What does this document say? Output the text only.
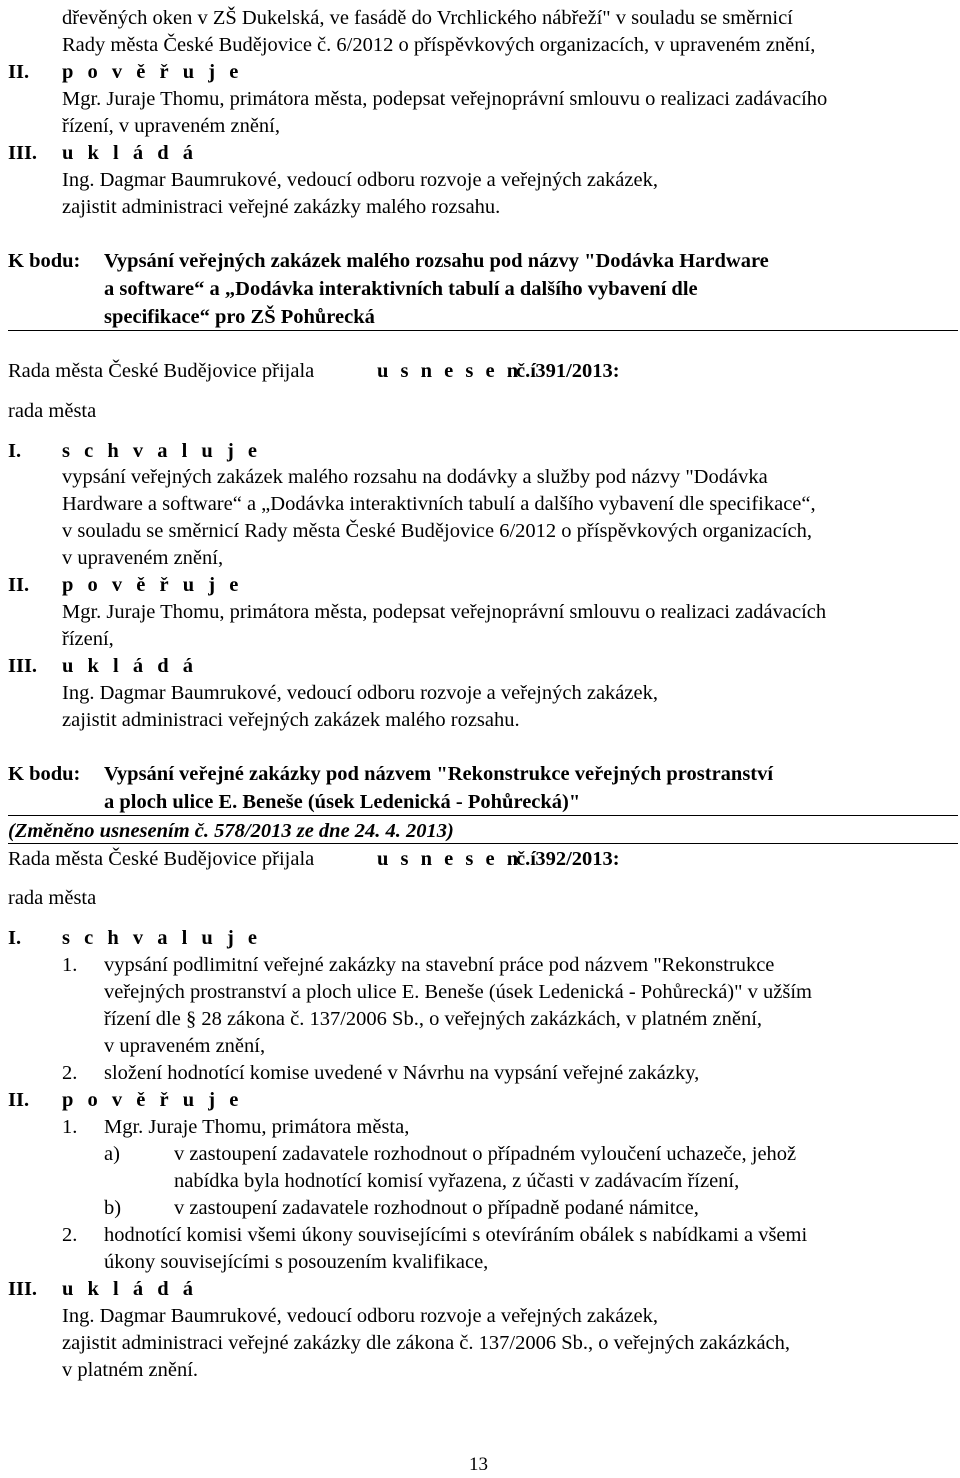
dřevěných oken v ZŠ Dukelská, ve fasádě do Vrchlického nábřeží" v souladu se směrnicí
Rady města České Budějovice č. 6/2012 o příspěvkových organizacích, v upraveném znění,
II. p o v ě ř u j e
Mgr. Juraje Thomu, primátora města, podepsat veřejnoprávní smlouvu o realizaci zadávacího
řízení, v upraveném znění,
III. u k l á d á
Ing. Dagmar Baumrukové, vedoucí odboru rozvoje a veřejných zakázek,
zajistit administraci veřejné zakázky malého rozsahu.
K bodu: Vypsání veřejných zakázek malého rozsahu pod názvy "Dodávka Hardware
a software“ a „Dodávka interaktivních tabulí a dalšího vybavení dle
specifikace“ pro ZŠ Pohůrecká
Rada města České Budějovice přijala	u s n e s e n í
č. 391/2013:
rada města
I. s c h v a l u j e
vypsání veřejných zakázek malého rozsahu na dodávky a služby pod názvy "Dodávka
Hardware a software“ a „Dodávka interaktivních tabulí a dalšího vybavení dle specifikace“,
v souladu se směrnicí Rady města České Budějovice 6/2012 o příspěvkových organizacích,
v upraveném znění,
II. p o v ě ř u j e
Mgr. Juraje Thomu, primátora města, podepsat veřejnoprávní smlouvu o realizaci zadávacích
řízení,
III. u k l á d á
Ing. Dagmar Baumrukové, vedoucí odboru rozvoje a veřejných zakázek,
zajistit administraci veřejných zakázek malého rozsahu.
K bodu: Vypsání veřejné zakázky pod názvem "Rekonstrukce veřejných prostranství
a ploch ulice E. Beneše (úsek Ledenická - Pohůrecká)"
(Změněno usnesením č. 578/2013 ze dne 24. 4. 2013)
Rada města České Budějovice přijala	u s n e s e n í
č. 392/2013:
rada města
I. s c h v a l u j e
1. vypsání podlimitní veřejné zakázky na stavební práce pod názvem "Rekonstrukce
veřejných prostranství a ploch ulice E. Beneše (úsek Ledenická - Pohůrecká)" v užším
řízení dle § 28 zákona č. 137/2006 Sb., o veřejných zakázkách, v platném znění,
v upraveném znění,
2. složení hodnotící komise uvedené v Návrhu na vypsání veřejné zakázky,
II. p o v ě ř u j e
1. Mgr. Juraje Thomu, primátora města,
a)	v zastoupení zadavatele rozhodnout o případném vyloučení uchazeče, jehož
nabídka byla hodnotící komisí vyřazena, z účasti v zadávacím řízení,
b)	v zastoupení zadavatele rozhodnout o případně podané námitce,
2. hodnotící komisi všemi úkony souvisejícími s otevíráním obálek s nabídkami a všemi
úkony souvisejícími s posouzením kvalifikace,
III. u k l á d á
Ing. Dagmar Baumrukové, vedoucí odboru rozvoje a veřejných zakázek,
zajistit administraci veřejné zakázky dle zákona č. 137/2006 Sb., o veřejných zakázkách,
v platném znění.
13
